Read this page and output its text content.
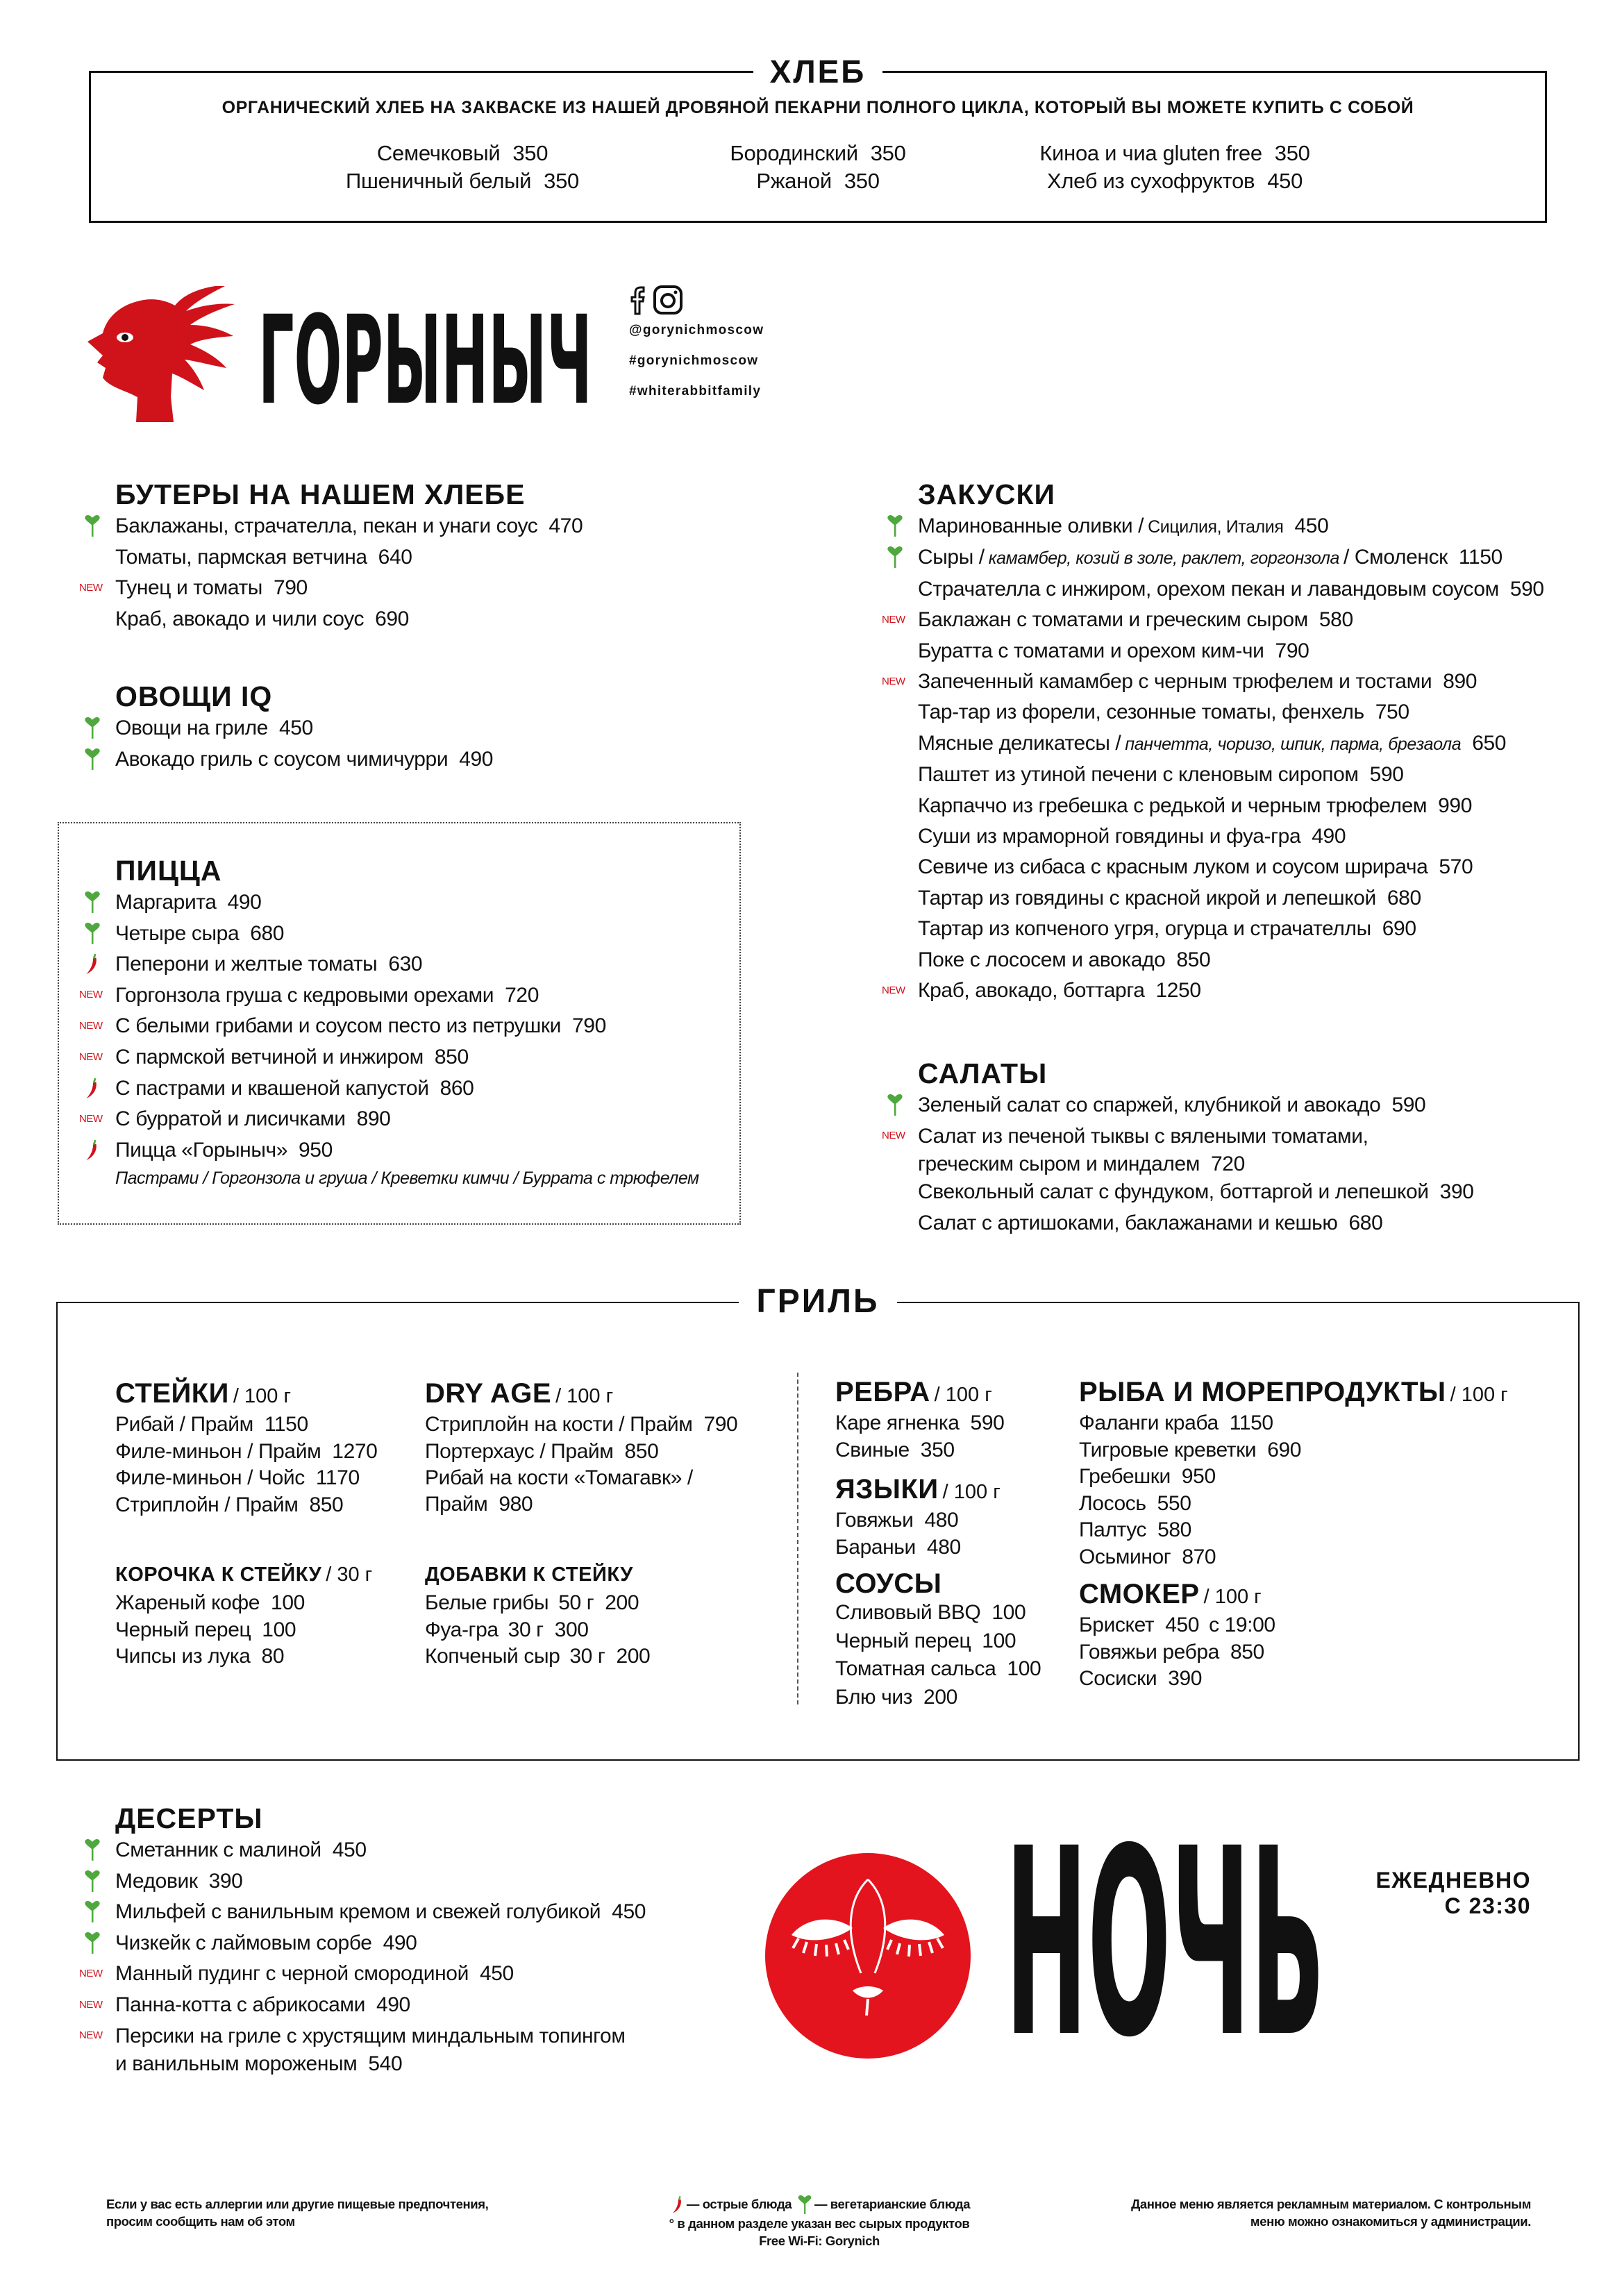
ХЛЕБ
ОРГАНИЧЕСКИЙ ХЛЕБ НА ЗАКВАСКЕ ИЗ НАШЕЙ ДРОВЯНОЙ ПЕКАРНИ ПОЛНОГО ЦИКЛА, КОТОРЫЙ ВЫ МОЖЕТЕ КУПИТЬ С СОБОЙ
Семечковый 350
Пшеничный белый 350
Бородинский 350
Ржаной 350
Киноа и чиа gluten free 350
Хлеб из сухофруктов 450
ГОРЫНЫЧ	@gorynichmoscow
#gorynichmoscow
#whiterabbitfamily
БУТЕРЫ НА НАШЕМ ХЛЕБЕ
Баклажаны, страчателла, пекан и унаги соус 470
Томаты, пармская ветчина 640
NEW Тунец и томаты 790
Краб, авокадо и чили соус 690
ОВОЩИ IQ
Овощи на гриле 450
Авокадо гриль с соусом чимичурри 490
ПИЦЦА
Маргарита 490
Четыре сыра 680
Пеперони и желтые томаты 630
NEW Горгонзола груша с кедровыми орехами 720
NEW С белыми грибами и соусом песто из петрушки 790
NEW С пармской ветчиной и инжиром 850
С пастрами и квашеной капустой 860
NEW С бурратой и лисичками 890
Пицца «Горыныч» 950
Пастрами / Горгонзола и груша / Креветки кимчи / Буррата с трюфелем
ЗАКУСКИ
Маринованные оливки / Сицилия, Италия 450
Сыры / камамбер, козий в золе, раклет, горгонзола / Смоленск 1150
Страчателла с инжиром, орехом пекан и лавандовым соусом 590
NEW Баклажан с томатами и греческим сыром 580
Буратта с томатами и орехом ким-чи 790
NEW Запеченный камамбер с черным трюфелем и тостами 890
Тар-тар из форели, сезонные томаты, фенхель 750
Мясные деликатесы / панчетта, чоризо, шпик, парма, брезаола 650
Паштет из утиной печени с кленовым сиропом 590
Карпаччо из гребешка с редькой и черным трюфелем 990
Суши из мраморной говядины и фуа-гра 490
Севиче из сибаса с красным луком и соусом шрирача 570
Тартар из говядины с красной икрой и лепешкой 680
Тартар из копченого угря, огурца и страчателлы 690
Поке с лососем и авокадо 850
NEW Краб, авокадо, боттарга 1250
САЛАТЫ
Зеленый салат со спаржей, клубникой и авокадо 590
NEW Салат из печеной тыквы с вялеными томатами,
греческим сыром и миндалем 720
Свекольный салат с фундуком, боттаргой и лепешкой 390
Салат с артишоками, баклажанами и кешью 680
ДЕСЕРТЫ
Сметанник с малиной 450
Медовик 390
Мильфей с ванильным кремом и свежей голубикой 450
Чизкейк с лаймовым сорбе 490
NEW Манный пудинг с черной смородиной 450
NEW Панна-котта с абрикосами 490
NEW Персики на гриле с хрустящим миндальным топингом
и ванильным мороженым 540
ГРИЛЬ
СТЕЙКИ / 100 г
Рибай / Прайм 1150
Филе-миньон / Прайм 1270
Филе-миньон / Чойс 1170
Стриплойн / Прайм 850
DRY AGE / 100 г
Стриплойн на кости / Прайм 790
Портерхаус / Прайм 850
Рибай на кости «Томагавк» /
Прайм 980
КОРОЧКА К СТЕЙКУ / 30 г
Жареный кофе 100
Черный перец 100
Чипсы из лука 80
ДОБАВКИ К СТЕЙКУ
Белые грибы 50 г 200
Фуа-гра 30 г 300
Копченый сыр 30 г 200
РЕБРА / 100 г
Каре ягненка 590
Свиные 350
ЯЗЫКИ / 100 г
Говяжьи 480
Бараньи 480
СОУСЫ
Сливовый BBQ 100
Черный перец 100
Томатная сальса 100
Блю чиз 200
РЫБА И МОРЕПРОДУКТЫ / 100 г
Фаланги краба 1150
Тигровые креветки 690
Гребешки 950
Лосось 550
Палтус 580
Осьминог 870
СМОКЕР / 100 г
Брискет 450 с 19:00
Говяжьи ребра 850
Сосиски 390
НОЧЬ ЕЖЕДНЕВНО
С 23:30
Если у вас есть аллергии или другие пищевые предпочтения,
просим сообщить нам об этом
— острые блюда — вегетарианские блюда
° в данном разделе указан вес сырых продуктов
Free Wi-Fi: Gorynich
Данное меню является рекламным материалом. С контрольным
меню можно ознакомиться у администрации.
